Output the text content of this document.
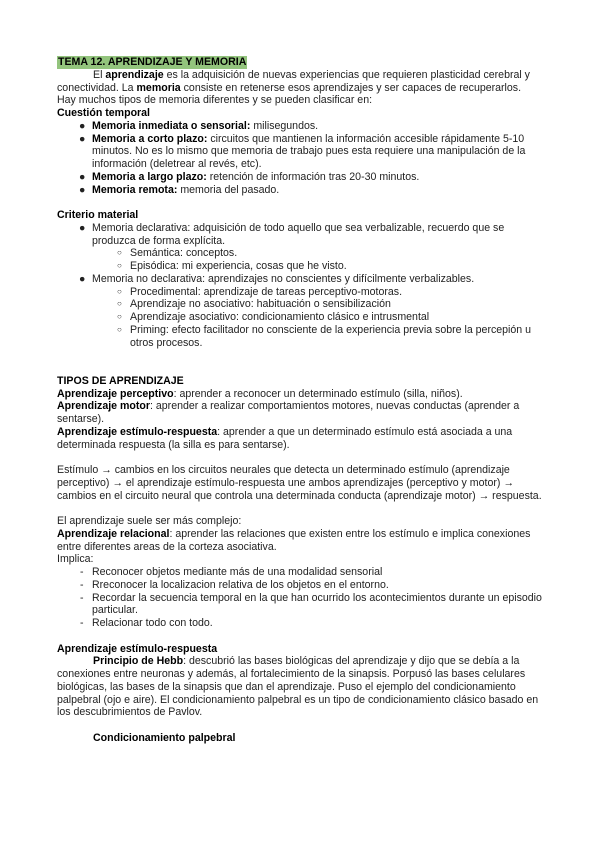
TEMA 12. APRENDIZAJE Y MEMORIA
El aprendizaje es la adquisición de nuevas experiencias que requieren plasticidad cerebral y conectividad. La memoria consiste en retenerse esos aprendizajes y ser capaces de recuperarlos.
Hay muchos tipos de memoria diferentes y se pueden clasificar en:
Cuestión temporal
● Memoria inmediata o sensorial: milisegundos.
● Memoria a corto plazo: circuitos que mantienen la información accesible rápidamente 5-10 minutos. No es lo mismo que memoria de trabajo pues esta requiere una manipulación de la información (deletrear al revés, etc).
● Memoria a largo plazo: retención de información tras 20-30 minutos.
● Memoria remota: memoria del pasado.
Criterio material
● Memoria declarativa: adquisición de todo aquello que sea verbalizable, recuerdo que se produzca de forma explícita.
○ Semántica: conceptos.
○ Episódica: mi experiencia, cosas que he visto.
● Memoria no declarativa: aprendizajes no conscientes y difícilmente verbalizables.
○ Procedimental: aprendizaje de tareas perceptivo-motoras.
○ Aprendizaje no asociativo: habituación o sensibilización
○ Aprendizaje asociativo: condicionamiento clásico e intrusmental
○ Priming: efecto facilitador no consciente de la experiencia previa sobre la percepión u otros procesos.
TIPOS DE APRENDIZAJE
Aprendizaje perceptivo: aprender a reconocer un determinado estímulo (silla, niños).
Aprendizaje motor: aprender a realizar comportamientos motores, nuevas conductas (aprender a sentarse).
Aprendizaje estímulo-respuesta: aprender a que un determinado estímulo está asociada a una determinada respuesta (la silla es para sentarse).
Estímulo → cambios en los circuitos neurales que detecta un determinado estímulo (aprendizaje perceptivo) → el aprendizaje estímulo-respuesta une ambos aprendizajes (perceptivo y motor) → cambios en el circuito neural que controla una determinada conducta (aprendizaje motor) → respuesta.
El aprendizaje suele ser más complejo:
Aprendizaje relacional: aprender las relaciones que existen entre los estímulo e implica conexiones entre diferentes areas de la corteza asociativa.
Implica:
- Reconocer objetos mediante más de una modalidad sensorial
- Rreconocer la localizacion relativa de los objetos en el entorno.
- Recordar la secuencia temporal en la que han ocurrido los acontecimientos durante un episodio particular.
- Relacionar todo con todo.
Aprendizaje estímulo-respuesta
Principio de Hebb: descubrió las bases biológicas del aprendizaje y dijo que se debía a la conexiones entre neuronas y además, al fortalecimiento de la sinapsis. Porpusó las bases celulares biológicas, las bases de la sinapsis que dan el aprendizaje. Puso el ejemplo del condicionamiento palpebral (ojo e aire). El condicionamiento palpebral es un tipo de condicionamiento clásico basado en los descubrimientos de Pavlov.
Condicionamiento palpebral
